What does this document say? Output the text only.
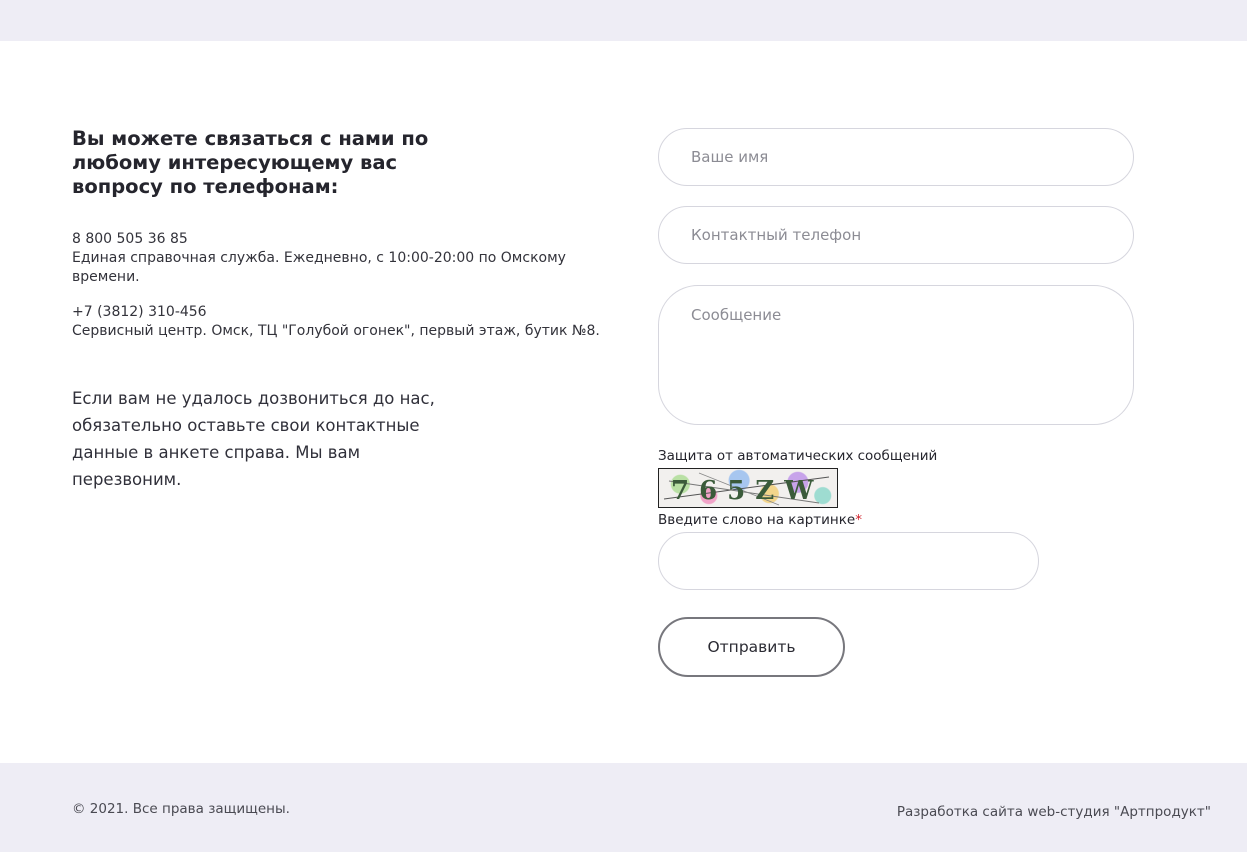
Вы можете связаться с нами по любому интересующему вас вопросу по телефонам:
8 800 505 36 85
Единая справочная служба. Ежедневно, с 10:00-20:00 по Омскому времени.
+7 (3812) 310-456
Сервисный центр. Омск, ТЦ "Голубой огонек", первый этаж, бутик №8.

Если вам не удалось дозвониться до нас, обязательно оставьте свои контактные данные в анкете справа. Мы вам перезвоним.

Ваше имя
Контактный телефон
Сообщение
Защита от автоматических сообщений
765ZW
Введите слово на картинке*
Отправить
© 2021. Все права защищены.	Разработка сайта web-студия "Артпродукт"
